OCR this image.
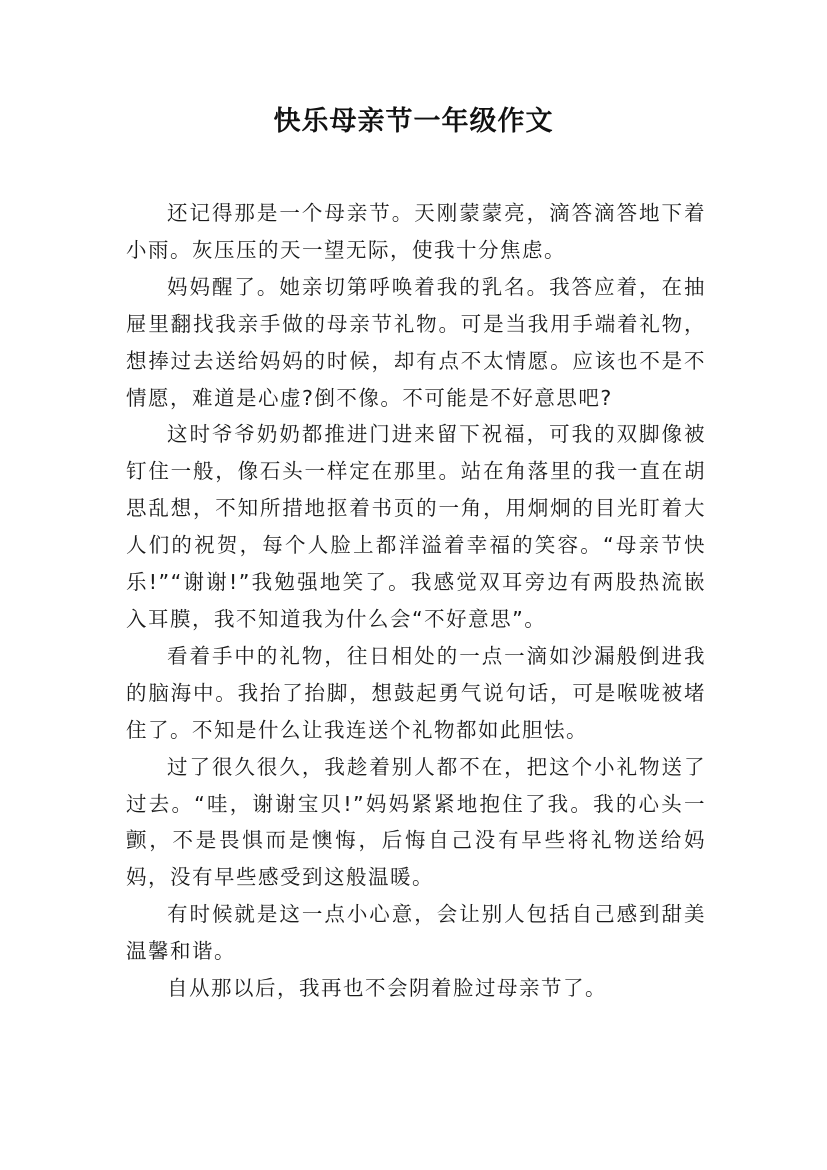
快乐母亲节一年级作文

还记得那是一个母亲节。天刚蒙蒙亮，滴答滴答地下着小雨。灰压压的天一望无际，使我十分焦虑。

妈妈醒了。她亲切第呼唤着我的乳名。我答应着，在抽屉里翻找我亲手做的母亲节礼物。可是当我用手端着礼物，想捧过去送给妈妈的时候，却有点不太情愿。应该也不是不情愿，难道是心虚?倒不像。不可能是不好意思吧?

这时爷爷奶奶都推进门进来留下祝福，可我的双脚像被钉住一般，像石头一样定在那里。站在角落里的我一直在胡思乱想，不知所措地抠着书页的一角，用炯炯的目光盯着大人们的祝贺，每个人脸上都洋溢着幸福的笑容。“母亲节快乐!”“谢谢!”我勉强地笑了。我感觉双耳旁边有两股热流嵌入耳膜，我不知道我为什么会“不好意思”。

看着手中的礼物，往日相处的一点一滴如沙漏般倒进我的脑海中。我抬了抬脚，想鼓起勇气说句话，可是喉咙被堵住了。不知是什么让我连送个礼物都如此胆怯。

过了很久很久，我趁着别人都不在，把这个小礼物送了过去。“哇，谢谢宝贝!”妈妈紧紧地抱住了我。我的心头一颤，不是畏惧而是懊悔，后悔自己没有早些将礼物送给妈妈，没有早些感受到这般温暖。

有时候就是这一点小心意，会让别人包括自己感到甜美温馨和谐。

自从那以后，我再也不会阴着脸过母亲节了。
